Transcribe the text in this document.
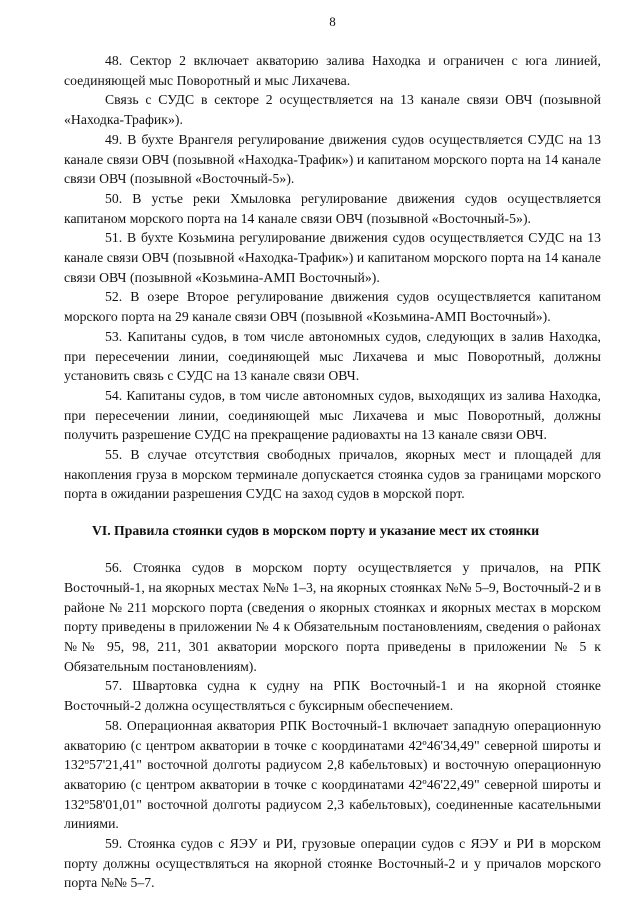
8

48. Сектор 2 включает акваторию залива Находка и ограничен с юга линией, соединяющей мыс Поворотный и мыс Лихачева.

Связь с СУДС в секторе 2 осуществляется на 13 канале связи ОВЧ (позывной «Находка-Трафик»).

49. В бухте Врангеля регулирование движения судов осуществляется СУДС на 13 канале связи ОВЧ (позывной «Находка-Трафик») и капитаном морского порта на 14 канале связи ОВЧ (позывной «Восточный-5»).

50. В устье реки Хмыловка регулирование движения судов осуществляется капитаном морского порта на 14 канале связи ОВЧ (позывной «Восточный-5»).

51. В бухте Козьмина регулирование движения судов осуществляется СУДС на 13 канале связи ОВЧ (позывной «Находка-Трафик») и капитаном морского порта на 14 канале связи ОВЧ (позывной «Козьмина-АМП Восточный»).

52. В озере Второе регулирование движения судов осуществляется капитаном морского порта на 29 канале связи ОВЧ (позывной «Козьмина-АМП Восточный»).

53. Капитаны судов, в том числе автономных судов, следующих в залив Находка, при пересечении линии, соединяющей мыс Лихачева и мыс Поворотный, должны установить связь с СУДС на 13 канале связи ОВЧ.

54. Капитаны судов, в том числе автономных судов, выходящих из залива Находка, при пересечении линии, соединяющей мыс Лихачева и мыс Поворотный, должны получить разрешение СУДС на прекращение радиовахты на 13 канале связи ОВЧ.

55. В случае отсутствия свободных причалов, якорных мест и площадей для накопления груза в морском терминале допускается стоянка судов за границами морского порта в ожидании разрешения СУДС на заход судов в морской порт.

VI. Правила стоянки судов в морском порту и указание мест их стоянки

56. Стоянка судов в морском порту осуществляется у причалов, на РПК Восточный-1, на якорных местах №№ 1–3, на якорных стоянках №№ 5–9, Восточный-2 и в районе № 211 морского порта (сведения о якорных стоянках и якорных местах в морском порту приведены в приложении № 4 к Обязательным постановлениям, сведения о районах №№ 95, 98, 211, 301 акватории морского порта приведены в приложении № 5 к Обязательным постановлениям).

57. Швартовка судна к судну на РПК Восточный-1 и на якорной стоянке Восточный-2 должна осуществляться с буксирным обеспечением.

58. Операционная акватория РПК Восточный-1 включает западную операционную акваторию (с центром акватории в точке с координатами 42º46'34,49" северной широты и 132º57'21,41" восточной долготы радиусом 2,8 кабельтовых) и восточную операционную акваторию (с центром акватории в точке с координатами 42º46'22,49" северной широты и 132º58'01,01" восточной долготы радиусом 2,3 кабельтовых), соединенные касательными линиями.

59. Стоянка судов с ЯЭУ и РИ, грузовые операции судов с ЯЭУ и РИ в морском порту должны осуществляться на якорной стоянке Восточный-2 и у причалов морского порта №№ 5–7.
